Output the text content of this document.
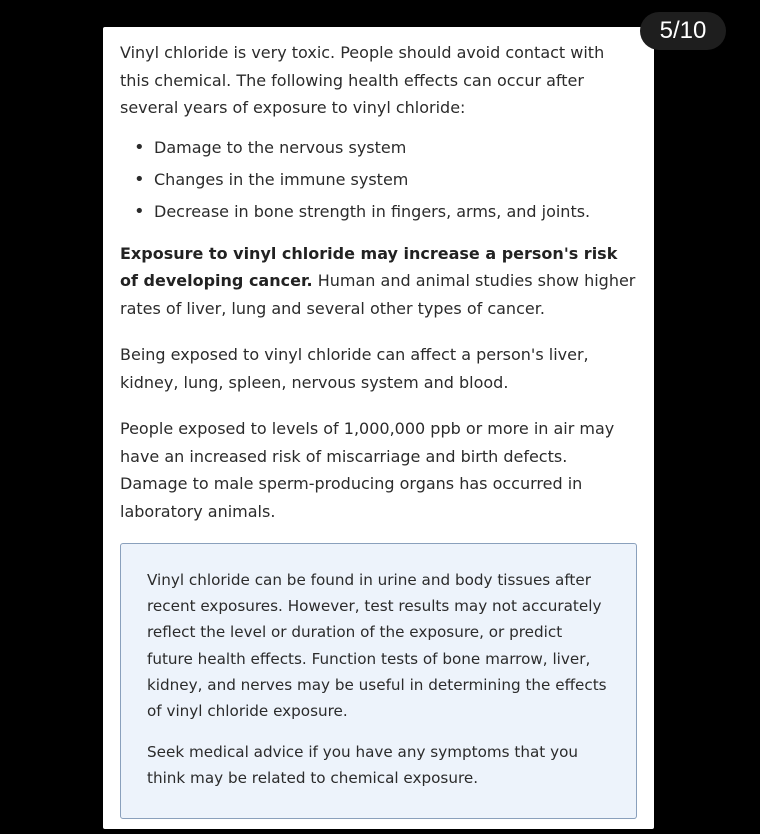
Vinyl chloride is very toxic. People should avoid contact with this chemical. The following health effects can occur after several years of exposure to vinyl chloride:

• Damage to the nervous system
• Changes in the immune system
• Decrease in bone strength in fingers, arms, and joints.

Exposure to vinyl chloride may increase a person's risk of developing cancer. Human and animal studies show higher rates of liver, lung and several other types of cancer.

Being exposed to vinyl chloride can affect a person's liver, kidney, lung, spleen, nervous system and blood.

People exposed to levels of 1,000,000 ppb or more in air may have an increased risk of miscarriage and birth defects. Damage to male sperm-producing organs has occurred in laboratory animals.

Vinyl chloride can be found in urine and body tissues after recent exposures. However, test results may not accurately reflect the level or duration of the exposure, or predict future health effects. Function tests of bone marrow, liver, kidney, and nerves may be useful in determining the effects of vinyl chloride exposure.

Seek medical advice if you have any symptoms that you think may be related to chemical exposure.

5/10
